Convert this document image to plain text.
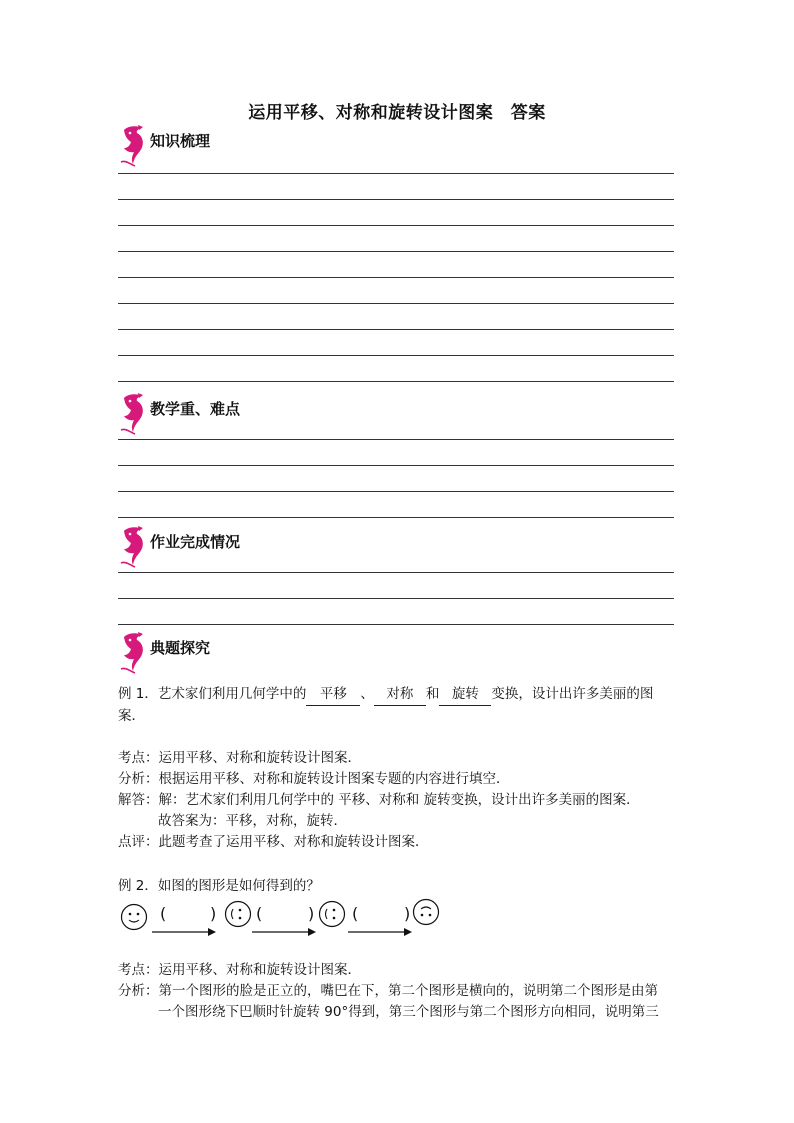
运用平移、对称和旋转设计图案　答案
知识梳理
教学重、难点
作业完成情况
典题探究

例 1．艺术家们利用几何学中的 平移 、 对称 和 旋转 变换，设计出许多美丽的图

案．

考点： 运用平移、对称和旋转设计图案．
分析： 根据运用平移、对称和旋转设计图案专题的内容进行填空．
解答： 解：艺术家们利用几何学中的 平移、对称和 旋转变换，设计出许多美丽的图案．
故答案为：平移，对称，旋转．
点评： 此题考查了运用平移、对称和旋转设计图案．
例 2．如图的图形是如何得到的？
(	) (	) (	)
考点： 运用平移、对称和旋转设计图案．
分析： 第一个图形的脸是正立的，嘴巴在下，第二个图形是横向的，说明第二个图形是由第
一个图形绕下巴顺时针旋转 90°得到，第三个图形与第二个图形方向相同，说明第三
